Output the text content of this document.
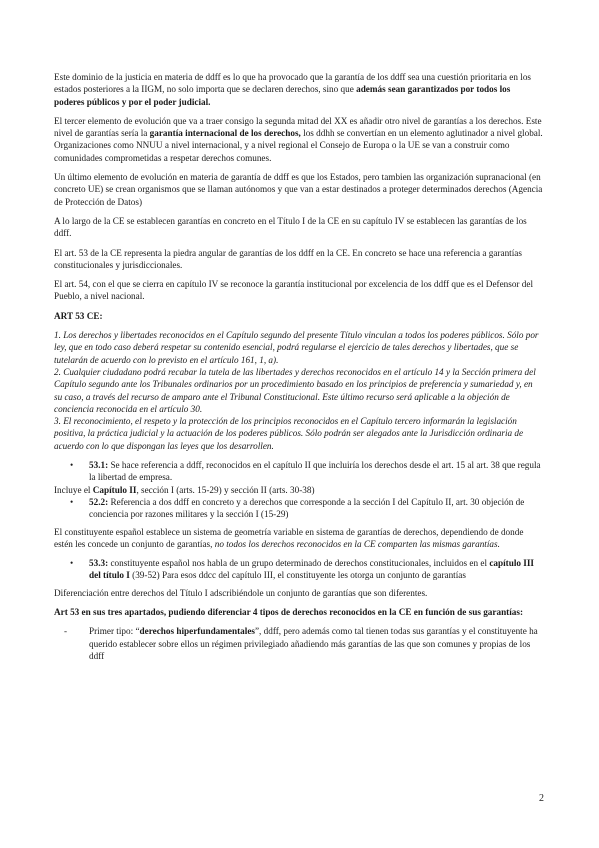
Este dominio de la justicia en materia de ddff es lo que ha provocado que la garantía de los ddff sea una cuestión prioritaria en los estados posteriores a la IIGM, no solo importa que se declaren derechos, sino que además sean garantizados por todos los poderes públicos y por el poder judicial.

El tercer elemento de evolución que va a traer consigo la segunda mitad del XX es añadir otro nivel de garantías a los derechos. Este nivel de garantías sería la garantía internacional de los derechos, los ddhh se convertían en un elemento aglutinador a nivel global. Organizaciones como NNUU a nivel internacional, y a nivel regional el Consejo de Europa o la UE se van a construir como comunidades comprometidas a respetar derechos comunes.

Un último elemento de evolución en materia de garantía de ddff es que los Estados, pero tambien las organización supranacional (en concreto UE) se crean organismos que se llaman autónomos y que van a estar destinados a proteger determinados derechos (Agencia de Protección de Datos)

A lo largo de la CE se establecen garantías en concreto en el Título I de la CE en su capítulo IV se establecen las garantías de los ddff.

El art. 53 de la CE representa la piedra angular de garantías de los ddff en la CE. En concreto se hace una referencia a garantías constitucionales y jurisdiccionales.

El art. 54, con el que se cierra en capítulo IV se reconoce la garantía institucional por excelencia de los ddff que es el Defensor del Pueblo, a nivel nacional.

ART 53 CE:

1. Los derechos y libertades reconocidos en el Capítulo segundo del presente Título vinculan a todos los poderes públicos. Sólo por ley, que en todo caso deberá respetar su contenido esencial, podrá regularse el ejercicio de tales derechos y libertades, que se tutelarán de acuerdo con lo previsto en el artículo 161, 1, a).
2. Cualquier ciudadano podrá recabar la tutela de las libertades y derechos reconocidos en el artículo 14 y la Sección primera del Capítulo segundo ante los Tribunales ordinarios por un procedimiento basado en los principios de preferencia y sumariedad y, en su caso, a través del recurso de amparo ante el Tribunal Constitucional. Este último recurso será aplicable a la objeción de conciencia reconocida en el artículo 30.
3. El reconocimiento, el respeto y la protección de los principios reconocidos en el Capítulo tercero informarán la legislación positiva, la práctica judicial y la actuación de los poderes públicos. Sólo podrán ser alegados ante la Jurisdicción ordinaria de acuerdo con lo que dispongan las leyes que los desarrollen.

• 53.1: Se hace referencia a ddff, reconocidos en el capítulo II que incluiría los derechos desde el art. 15 al art. 38 que regula la libertad de empresa.

Incluye el Capítulo II, sección I (arts. 15-29) y sección II (arts. 30-38)

• 52.2: Referencia a dos ddff en concreto y a derechos que corresponde a la sección I del Capítulo II, art. 30 objeción de conciencia por razones militares y la sección I (15-29)

El constituyente español establece un sistema de geometría variable en sistema de garantías de derechos, dependiendo de donde estén les concede un conjunto de garantías, no todos los derechos reconocidos en la CE comparten las mismas garantías.

• 53.3: constituyente español nos habla de un grupo determinado de derechos constitucionales, incluidos en el capítulo III del título I (39-52) Para esos ddcc del capítulo III, el constituyente les otorga un conjunto de garantías

Diferenciación entre derechos del Título I adscribiéndole un conjunto de garantías que son diferentes.

Art 53 en sus tres apartados, pudiendo diferenciar 4 tipos de derechos reconocidos en la CE en función de sus garantías:

- Primer tipo: “derechos hiperfundamentales”, ddff, pero además como tal tienen todas sus garantías y el constituyente ha querido establecer sobre ellos un régimen privilegiado añadiendo más garantías de las que son comunes y propias de los ddff
2
